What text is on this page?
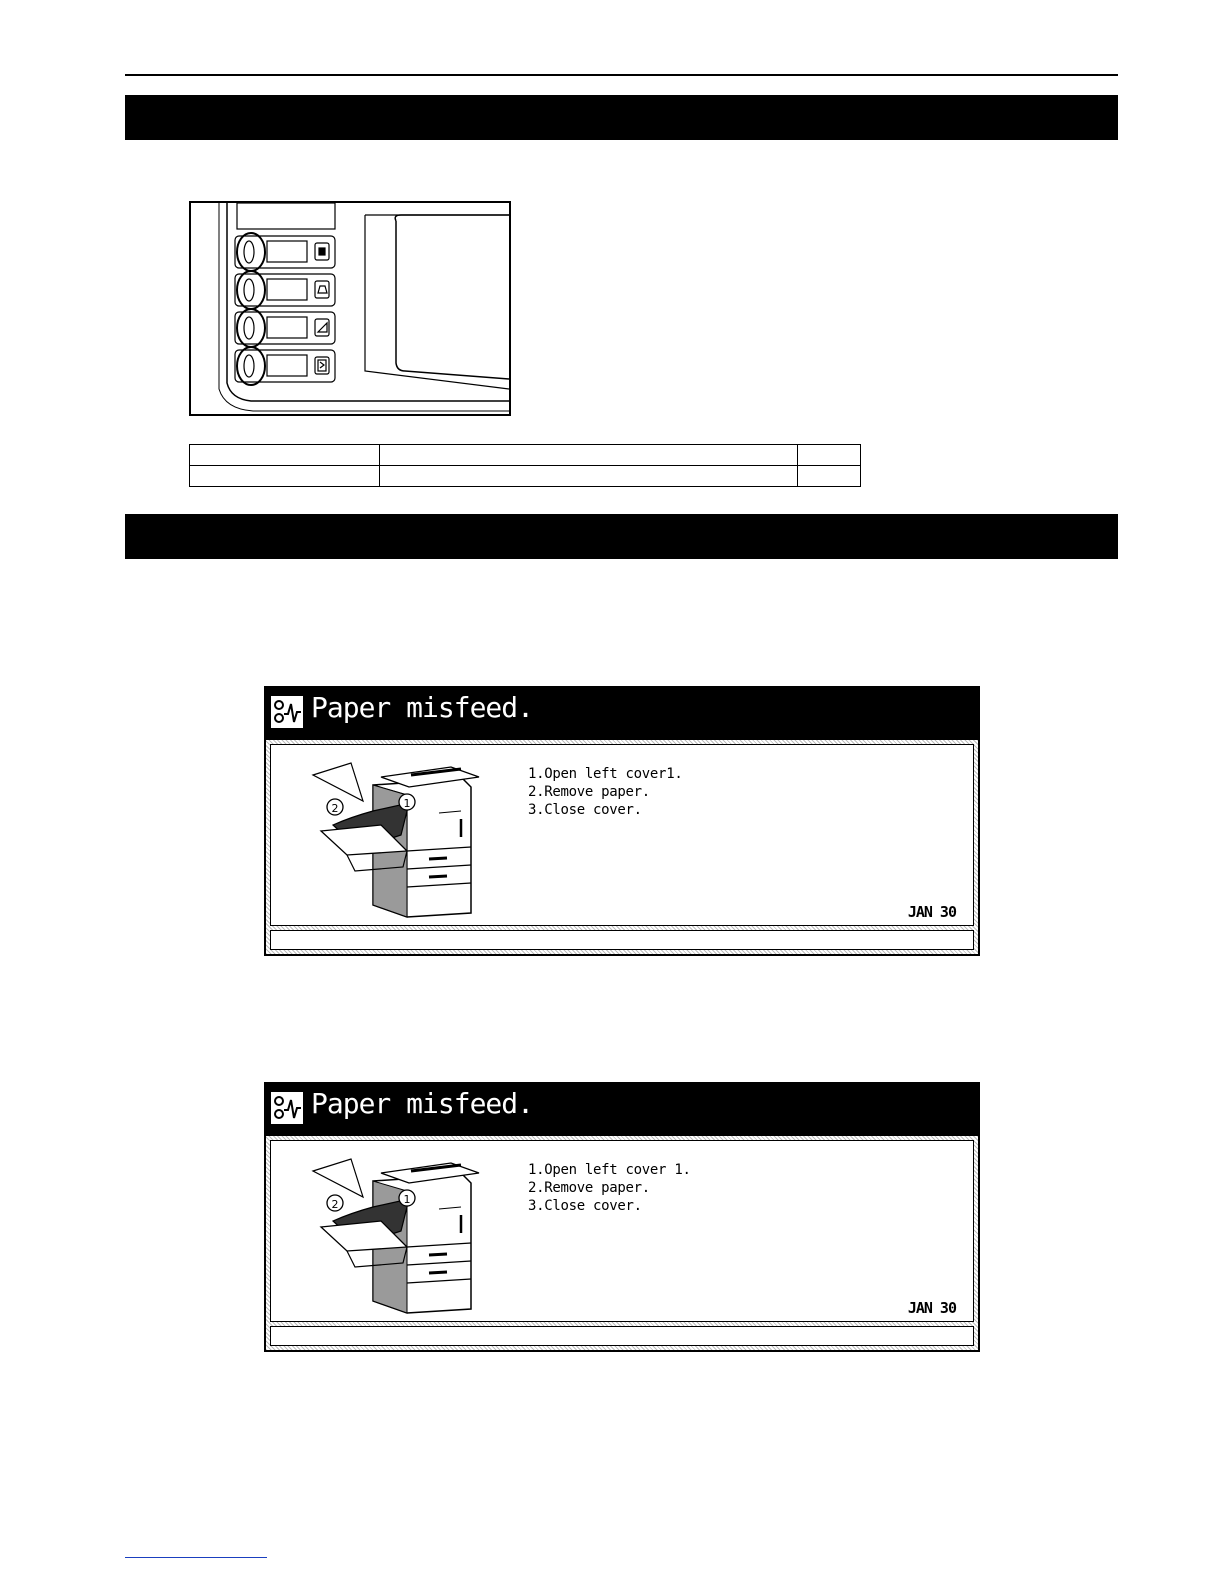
Paper misfeed.
1
2
1.Open left cover1.
2.Remove paper.
3.Close cover.
JAN 30
Paper misfeed.
1
2
1.Open left cover 1.
2.Remove paper.
3.Close cover.
JAN 30
